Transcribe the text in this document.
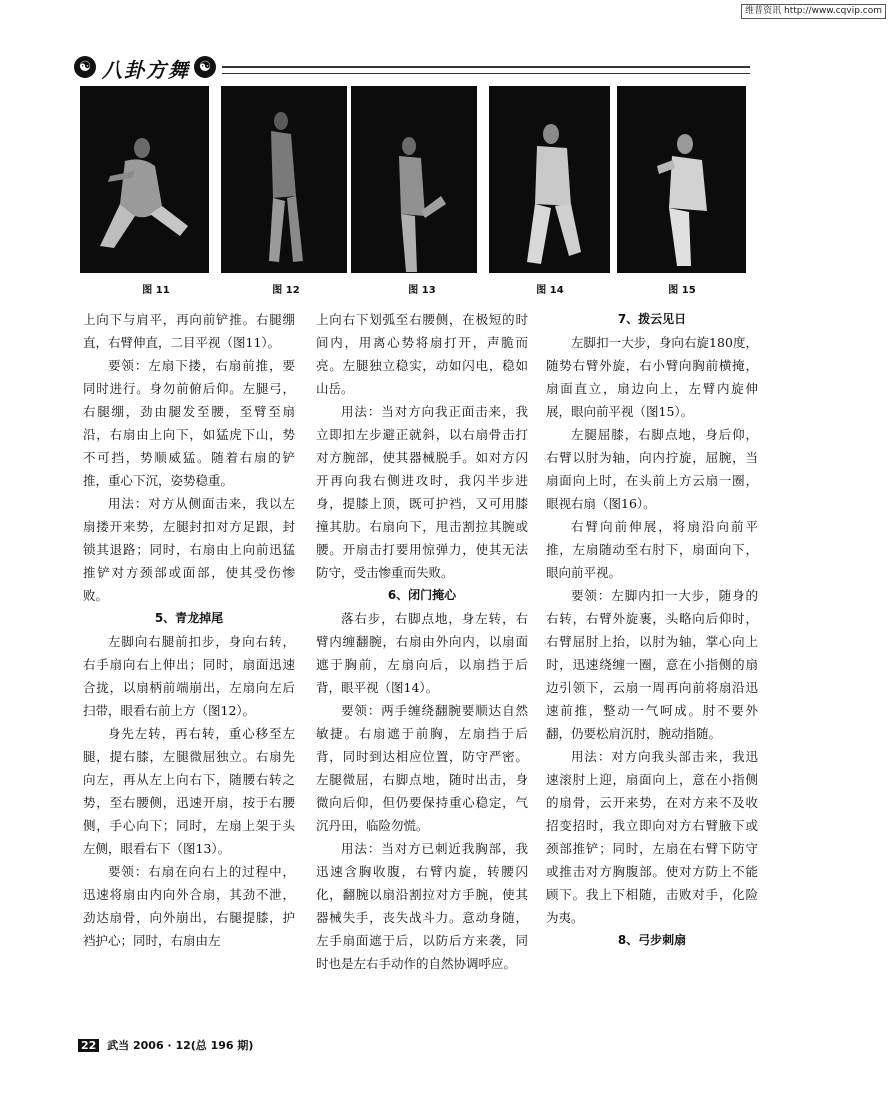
维普资讯 http://www.cqvip.com
☯ 八卦方舞 ☯
图 11	图 12	图 13	图 14	图 15

上向下与肩平，再向前铲推。右腿绷直，右臂伸直，二目平视（图11）。

要领：左扇下搂，右扇前推，要同时进行。身勿前俯后仰。左腿弓，右腿绷，劲由腿发至腰，至臂至扇沿，右扇由上向下，如猛虎下山，势不可挡，势顺威猛。随着右扇的铲推，重心下沉，姿势稳重。

用法：对方从侧面击来，我以左扇搂开来势，左腿封扣对方足跟，封锁其退路；同时，右扇由上向前迅猛推铲对方颈部或面部，使其受伤惨败。

5、青龙掉尾

左脚向右腿前扣步，身向右转，右手扇向右上伸出；同时，扇面迅速合拢，以扇柄前端崩出，左扇向左后扫带，眼看右前上方（图12）。

身先左转，再右转，重心移至左腿，提右膝，左腿微屈独立。右扇先向左，再从左上向右下，随腰右转之势，至右腰侧，迅速开扇，按于右腰侧，手心向下；同时，左扇上架于头左侧，眼看右下（图13）。

要领：右扇在向右上的过程中，迅速将扇由内向外合扇，其劲不泄，劲达扇骨，向外崩出，右腿提膝，护裆护心；同时，右扇由左

上向右下划弧至右腰侧，在极短的时间内，用离心势将扇打开，声脆而亮。左腿独立稳实，动如闪电，稳如山岳。

用法：当对方向我正面击来，我立即扣左步避正就斜，以右扇骨击打对方腕部，使其器械脱手。如对方闪开再向我右侧进攻时，我闪半步进身，提膝上顶，既可护裆，又可用膝撞其肋。右扇向下，甩击割拉其腕或腰。开扇击打要用惊弹力，使其无法防守，受击惨重而失败。

6、闭门掩心

落右步，右脚点地，身左转，右臂内缠翻腕，右扇由外向内，以扇面遮于胸前，左扇向后，以扇挡于后背，眼平视（图14）。

要领：两手缠绕翻腕要顺达自然敏捷。右扇遮于前胸，左扇挡于后背，同时到达相应位置，防守严密。左腿微屈，右脚点地，随时出击，身微向后仰，但仍要保持重心稳定，气沉丹田，临险勿慌。

用法：当对方已刺近我胸部，我迅速含胸收腹，右臂内旋，转腰闪化，翻腕以扇沿割拉对方手腕，使其器械失手，丧失战斗力。意动身随，左手扇面遮于后，以防后方来袭，同时也是左右手动作的自然协调呼应。

7、拨云见日

左脚扣一大步，身向右旋180度，随势右臂外旋，右小臂向胸前横掩，扇面直立，扇边向上，左臂内旋伸展，眼向前平视（图15）。

左腿屈膝，右脚点地，身后仰，右臂以肘为轴，向内拧旋，屈腕，当扇面向上时，在头前上方云扇一圈，眼视右扇（图16）。

右臂向前伸展，将扇沿向前平推，左扇随动至右肘下，扇面向下，眼向前平视。

要领：左脚内扣一大步，随身的右转，右臂外旋裹，头略向后仰时，右臂屈肘上抬，以肘为轴，掌心向上时，迅速绕缠一圈，意在小指侧的扇边引领下，云扇一周再向前将扇沿迅速前推，整动一气呵成。肘不要外翻，仍要松肩沉肘，腕动指随。

用法：对方向我头部击来，我迅速滚肘上迎，扇面向上，意在小指侧的扇骨，云开来势，在对方来不及收招变招时，我立即向对方右臂腋下或颈部推铲；同时，左扇在右臂下防守或推击对方胸腹部。使对方防上不能顾下。我上下相随，击败对手，化险为夷。

8、弓步刺扇

22 武当 2006 · 12(总 196 期)
